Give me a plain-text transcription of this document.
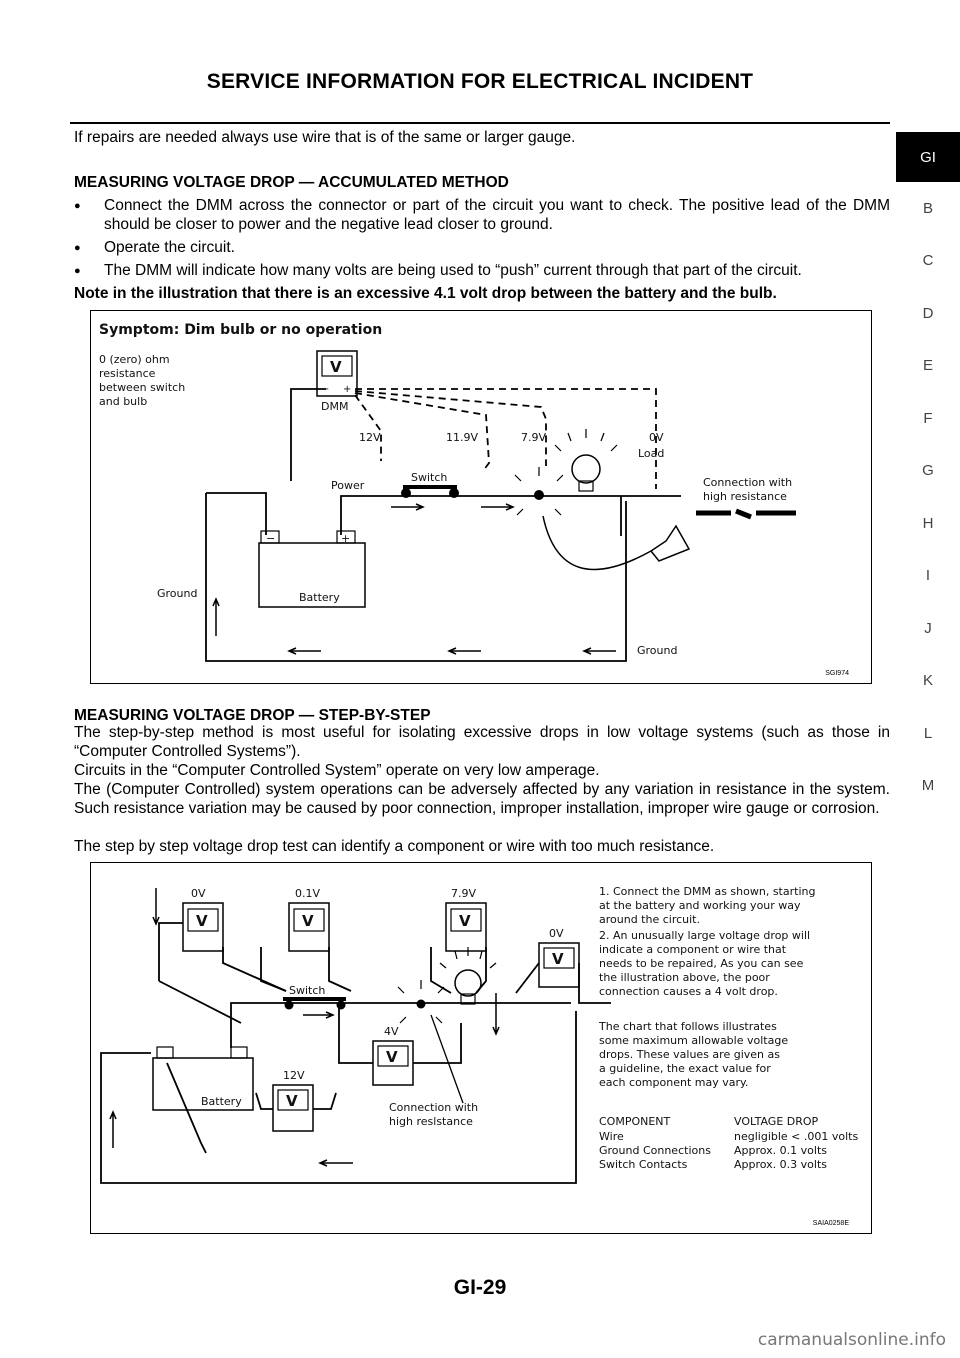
SERVICE INFORMATION FOR ELECTRICAL INCIDENT
GI
B
C
D
E
F
G
H
I
J
K
L
M
If repairs are needed always use wire that is of the same or larger gauge.
MEASURING VOLTAGE DROP — ACCUMULATED METHOD
●	Connect the DMM across the connector or part of the circuit you want to check. The positive lead of the DMM should be closer to power and the negative lead closer to ground.
●	Operate the circuit.
●	The DMM will indicate how many volts are being used to “push” current through that part of the circuit.
Note in the illustration that there is an excessive 4.1 volt drop between the battery and the bulb.
Symptom: Dim bulb or no operation
0 (zero) ohm
resistance
between switch
and bulb
V
− +
DMM
12V	11.9V	7.9V	0V
Load
Power
Switch	Connection with
high resistance
−	+
Battery
Ground
Ground
SGI974
MEASURING VOLTAGE DROP — STEP-BY-STEP
The step-by-step method is most useful for isolating excessive drops in low voltage systems (such as those in “Computer Controlled Systems”).
Circuits in the “Computer Controlled System” operate on very low amperage.
The (Computer Controlled) system operations can be adversely affected by any variation in resistance in the system. Such resistance variation may be caused by poor connection, improper installation, improper wire gauge or corrosion.
The step by step voltage drop test can identify a component or wire with too much resistance.
V
0V
V
0.1V
V
7.9V
V
0V
V
4V
V
12V
Switch
Connection with
high reslstance
Battery
1. Connect the DMM as shown, starting
at the battery and working your way
around the circuit.
2. An unusually large voltage drop will
indicate a component or wire that
needs to be repaired, As you can see
the illustration above, the poor
connection causes a 4 volt drop.
The chart that follows illustrates
some maximum allowable voltage
drops. These values are given as
a guideline, the exact value for
each component may vary.
COMPONENT	VOLTAGE DROP
Wire	negligible < .001 volts
Ground Connections Approx. 0.1 volts
Switch Contacts	Approx. 0.3 volts
SAIA0258E
GI-29
carmanualsonline.info
